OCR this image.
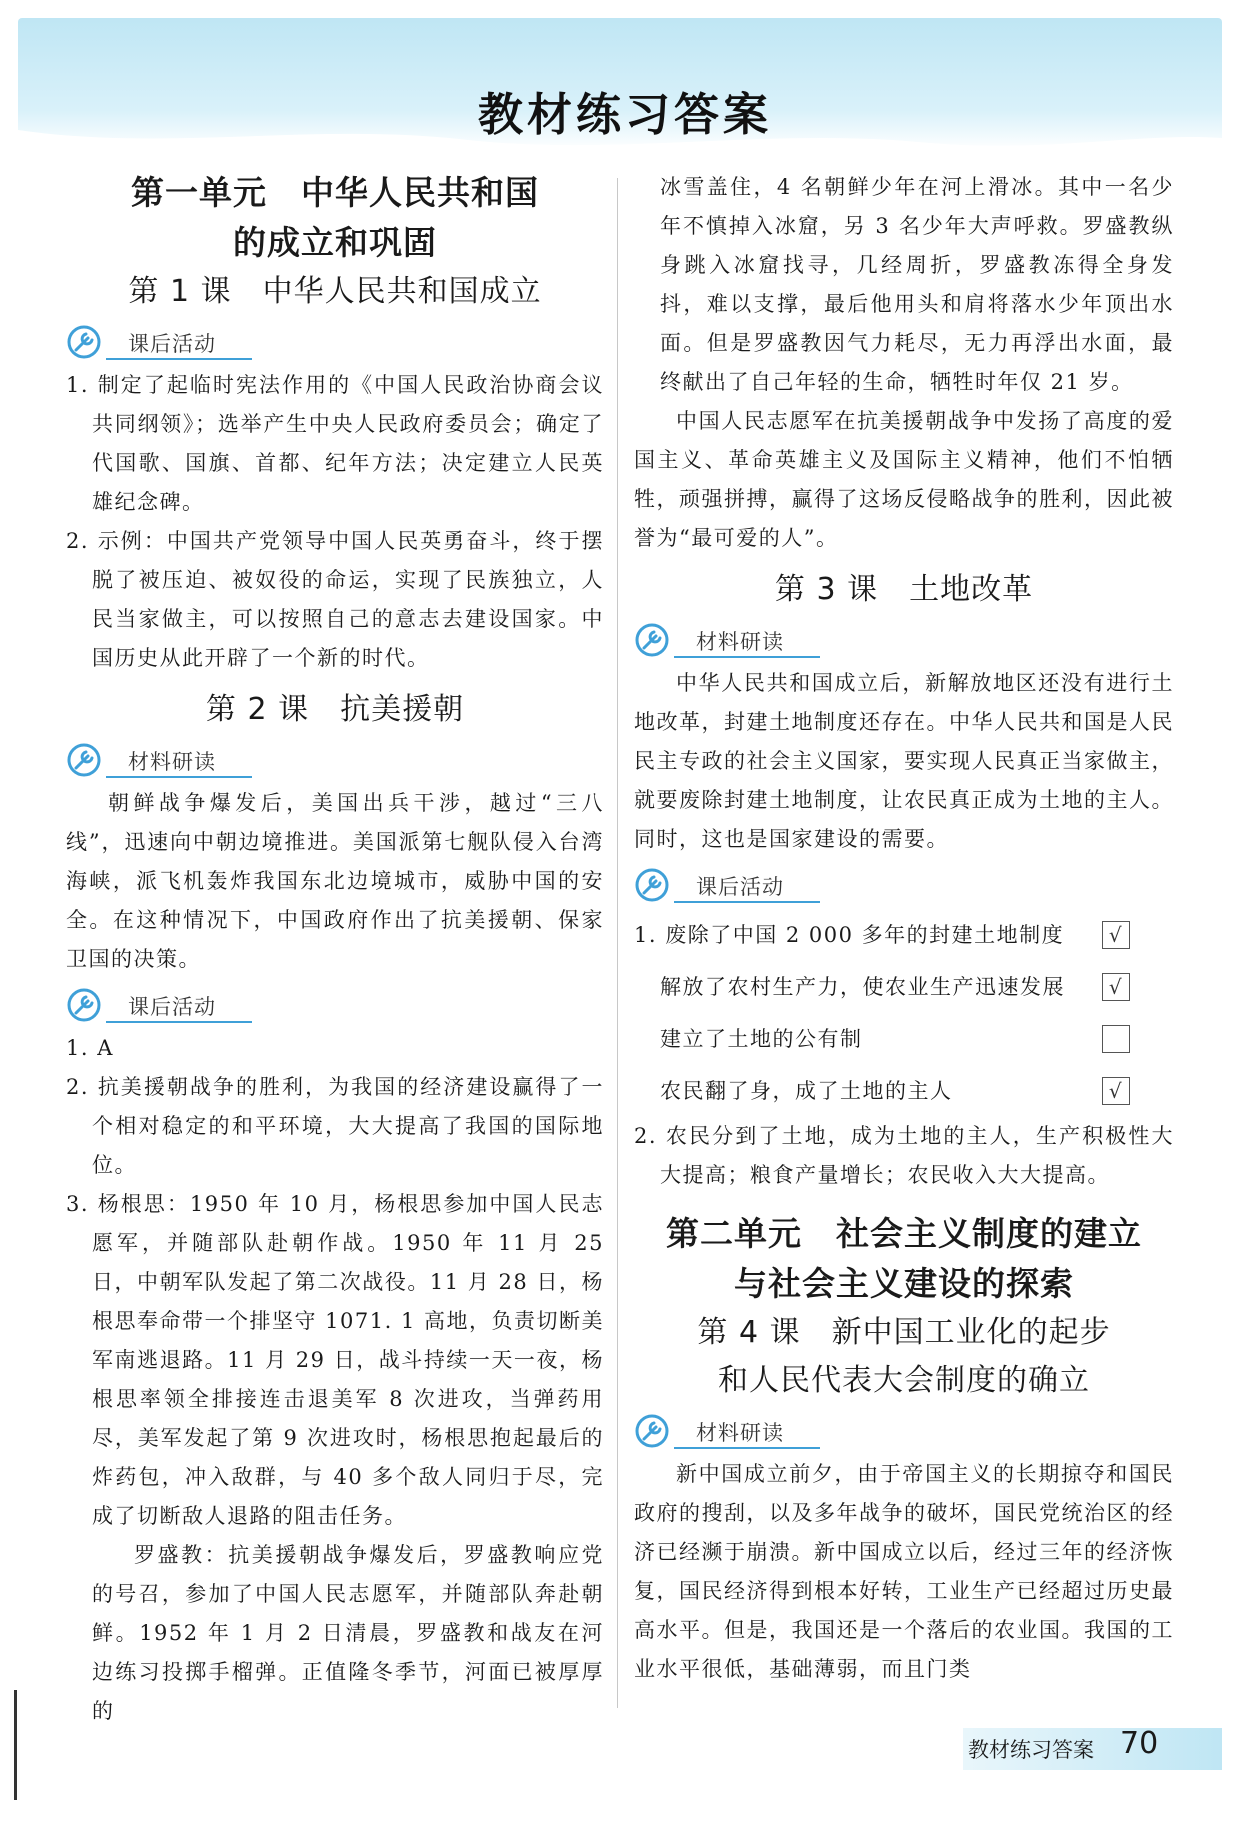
教材练习答案
第一单元　中华人民共和国
的成立和巩固
第 1 课　中华人民共和国成立
课后活动

1. 制定了起临时宪法作用的《中国人民政治协商会议共同纲领》；选举产生中央人民政府委员会；确定了代国歌、国旗、首都、纪年方法；决定建立人民英雄纪念碑。

2. 示例：中国共产党领导中国人民英勇奋斗，终于摆脱了被压迫、被奴役的命运，实现了民族独立，人民当家做主，可以按照自己的意志去建设国家。中国历史从此开辟了一个新的时代。

第 2 课　抗美援朝
材料研读

朝鲜战争爆发后，美国出兵干涉，越过“三八线”，迅速向中朝边境推进。美国派第七舰队侵入台湾海峡，派飞机轰炸我国东北边境城市，威胁中国的安全。在这种情况下，中国政府作出了抗美援朝、保家卫国的决策。

课后活动

1. A

2. 抗美援朝战争的胜利，为我国的经济建设赢得了一个相对稳定的和平环境，大大提高了我国的国际地位。

3. 杨根思：1950 年 10 月，杨根思参加中国人民志愿军，并随部队赴朝作战。1950 年 11 月 25 日，中朝军队发起了第二次战役。11 月 28 日，杨根思奉命带一个排坚守 1071. 1 高地，负责切断美军南逃退路。11 月 29 日，战斗持续一天一夜，杨根思率领全排接连击退美军 8 次进攻，当弹药用尽，美军发起了第 9 次进攻时，杨根思抱起最后的炸药包，冲入敌群，与 40 多个敌人同归于尽，完成了切断敌人退路的阻击任务。

罗盛教：抗美援朝战争爆发后，罗盛教响应党的号召，参加了中国人民志愿军，并随部队奔赴朝鲜。1952 年 1 月 2 日清晨，罗盛教和战友在河边练习投掷手榴弹。正值隆冬季节，河面已被厚厚的

冰雪盖住，4 名朝鲜少年在河上滑冰。其中一名少年不慎掉入冰窟，另 3 名少年大声呼救。罗盛教纵身跳入冰窟找寻，几经周折，罗盛教冻得全身发抖，难以支撑，最后他用头和肩将落水少年顶出水面。但是罗盛教因气力耗尽，无力再浮出水面，最终献出了自己年轻的生命，牺牲时年仅 21 岁。

中国人民志愿军在抗美援朝战争中发扬了高度的爱国主义、革命英雄主义及国际主义精神，他们不怕牺牲，顽强拼搏，赢得了这场反侵略战争的胜利，因此被誉为“最可爱的人”。

第 3 课　土地改革
材料研读

中华人民共和国成立后，新解放地区还没有进行土地改革，封建土地制度还存在。中华人民共和国是人民民主专政的社会主义国家，要实现人民真正当家做主，就要废除封建土地制度，让农民真正成为土地的主人。同时，这也是国家建设的需要。

课后活动
1. 废除了中国 2 000 多年的封建土地制度	√
解放了农村生产力，使农业生产迅速发展	√
建立了土地的公有制
农民翻了身，成了土地的主人	√

2. 农民分到了土地，成为土地的主人，生产积极性大大提高；粮食产量增长；农民收入大大提高。

第二单元　社会主义制度的建立
与社会主义建设的探索
第 4 课　新中国工业化的起步
和人民代表大会制度的确立
材料研读

新中国成立前夕，由于帝国主义的长期掠夺和国民政府的搜刮，以及多年战争的破坏，国民党统治区的经济已经濒于崩溃。新中国成立以后，经过三年的经济恢复，国民经济得到根本好转，工业生产已经超过历史最高水平。但是，我国还是一个落后的农业国。我国的工业水平很低，基础薄弱，而且门类

教材练习答案 70
